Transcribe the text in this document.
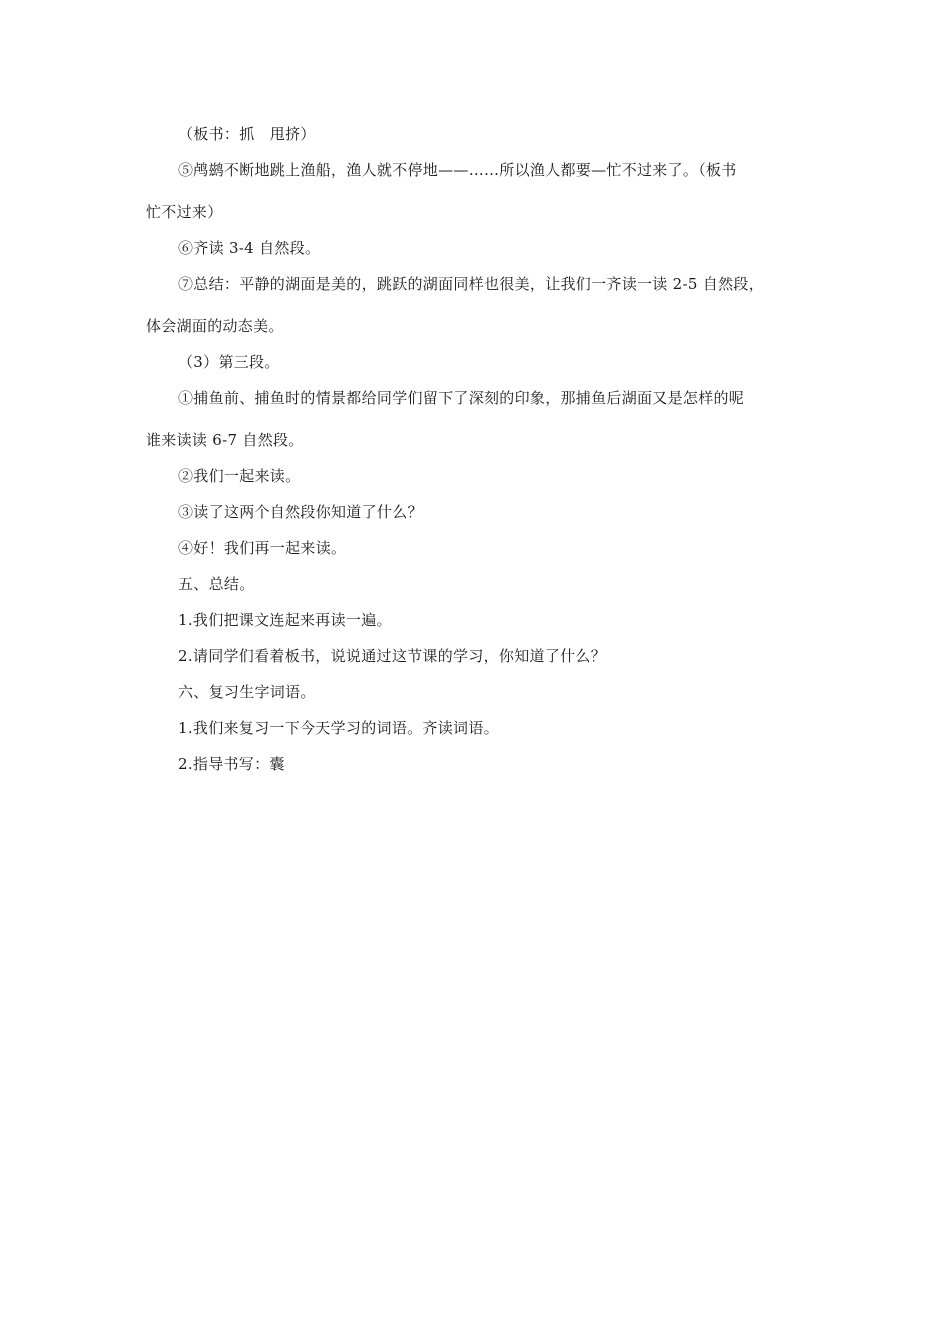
（板书：抓　甩挤）

⑤鸬鹚不断地跳上渔船，渔人就不停地——……所以渔人都要—忙不过来了。（板书

忙不过来）

⑥齐读 3-4 自然段。

⑦总结：平静的湖面是美的，跳跃的湖面同样也很美，让我们一齐读一读 2-5 自然段，

体会湖面的动态美。

（3）第三段。

①捕鱼前、捕鱼时的情景都给同学们留下了深刻的印象，那捕鱼后湖面又是怎样的呢

谁来读读 6-7 自然段。

②我们一起来读。

③读了这两个自然段你知道了什么？

④好！我们再一起来读。

五、总结。

1.我们把课文连起来再读一遍。

2.请同学们看着板书，说说通过这节课的学习，你知道了什么？

六、复习生字词语。

1.我们来复习一下今天学习的词语。齐读词语。

2.指导书写：囊
